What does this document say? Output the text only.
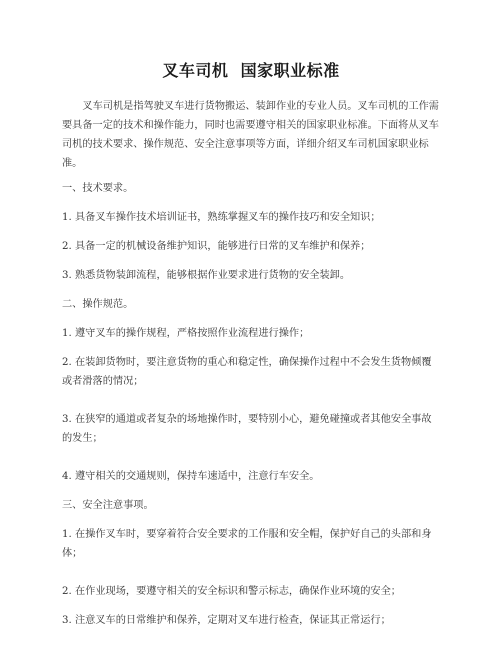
叉车司机  国家职业标准

叉车司机是指驾驶叉车进行货物搬运、装卸作业的专业人员。叉车司机的工作需要具备一定的技术和操作能力，同时也需要遵守相关的国家职业标准。下面将从叉车司机的技术要求、操作规范、安全注意事项等方面，详细介绍叉车司机国家职业标准。

一、技术要求。

1. 具备叉车操作技术培训证书，熟练掌握叉车的操作技巧和安全知识；

2. 具备一定的机械设备维护知识，能够进行日常的叉车维护和保养；

3. 熟悉货物装卸流程，能够根据作业要求进行货物的安全装卸。

二、操作规范。

1. 遵守叉车的操作规程，严格按照作业流程进行操作；

2. 在装卸货物时，要注意货物的重心和稳定性，确保操作过程中不会发生货物倾覆或者滑落的情况；

3. 在狭窄的通道或者复杂的场地操作时，要特别小心，避免碰撞或者其他安全事故的发生；

4. 遵守相关的交通规则，保持车速适中，注意行车安全。

三、安全注意事项。

1. 在操作叉车时，要穿着符合安全要求的工作服和安全帽，保护好自己的头部和身体；

2. 在作业现场，要遵守相关的安全标识和警示标志，确保作业环境的安全；

3. 注意叉车的日常维护和保养，定期对叉车进行检查，保证其正常运行；
